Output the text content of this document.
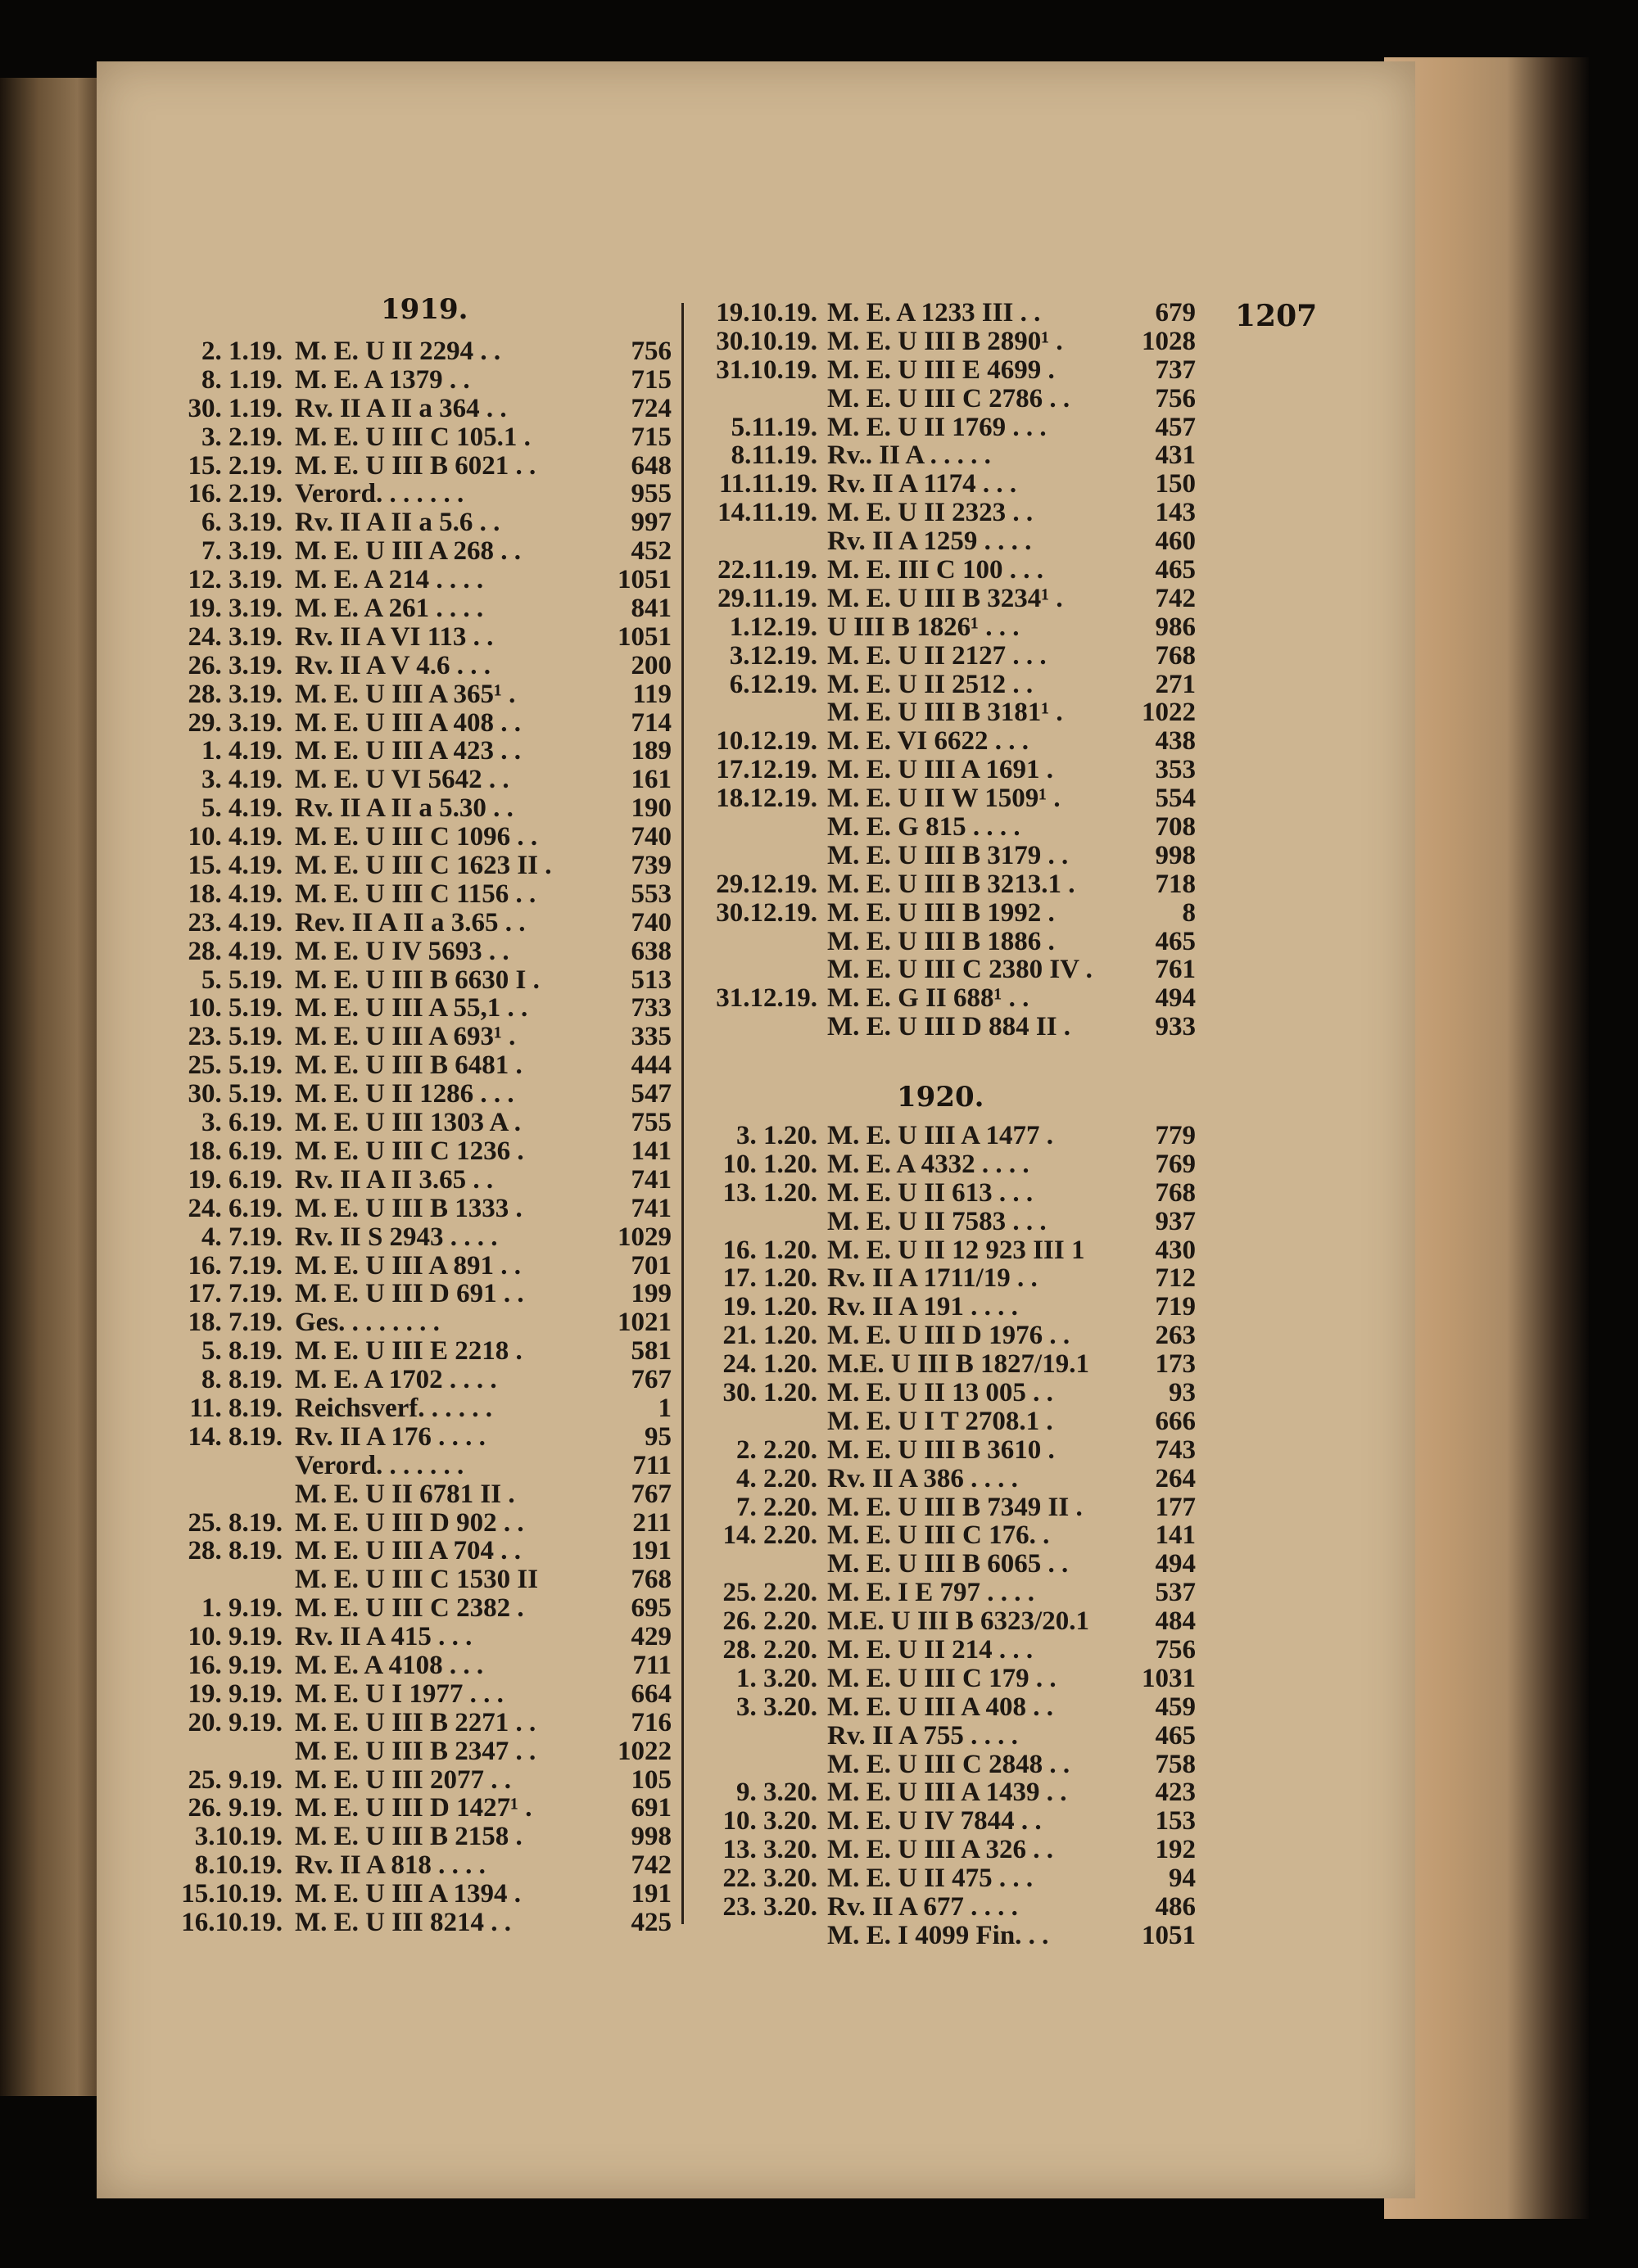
1207
1919.
1920.
2. 1.19. M. E. U II 2294 . .	756
8. 1.19. M. E. A 1379 . .	715
30. 1.19. Rv. II A II a 364 . .	724
3. 2.19. M. E. U III C 105.1 .	715
15. 2.19. M. E. U III B 6021 . .	648
16. 2.19. Verord. . . . . . .	955
6. 3.19. Rv. II A II a 5.6 . .	997
7. 3.19. M. E. U III A 268 . .	452
12. 3.19. M. E. A 214 . . . .	1051
19. 3.19. M. E. A 261 . . . .	841
24. 3.19. Rv. II A VI 113 . .	1051
26. 3.19. Rv. II A V 4.6 . . .	200
28. 3.19. M. E. U III A 365¹ .	119
29. 3.19. M. E. U III A 408 . .	714
1. 4.19. M. E. U III A 423 . .	189
3. 4.19. M. E. U VI 5642 . .	161
5. 4.19. Rv. II A II a 5.30 . .	190
10. 4.19. M. E. U III C 1096 . .	740
15. 4.19. M. E. U III C 1623 II .	739
18. 4.19. M. E. U III C 1156 . .	553
23. 4.19. Rev. II A II a 3.65 . .	740
28. 4.19. M. E. U IV 5693 . .	638
5. 5.19. M. E. U III B 6630 I .	513
10. 5.19. M. E. U III A 55,1 . .	733
23. 5.19. M. E. U III A 693¹ .	335
25. 5.19. M. E. U III B 6481 .	444
30. 5.19. M. E. U II 1286 . . .	547
3. 6.19. M. E. U III 1303 A .	755
18. 6.19. M. E. U III C 1236 .	141
19. 6.19. Rv. II A II 3.65 . .	741
24. 6.19. M. E. U III B 1333 .	741
4. 7.19. Rv. II S 2943 . . . .	1029
16. 7.19. M. E. U III A 891 . .	701
17. 7.19. M. E. U III D 691 . .	199
18. 7.19. Ges. . . . . . . .	1021
5. 8.19. M. E. U III E 2218 .	581
8. 8.19. M. E. A 1702 . . . .	767
11. 8.19. Reichsverf. . . . . .	1
14. 8.19. Rv. II A 176 . . . .	95
Verord. . . . . . .	711
M. E. U II 6781 II .	767
25. 8.19. M. E. U III D 902 . .	211
28. 8.19. M. E. U III A 704 . .	191
M. E. U III C 1530 II	768
1. 9.19. M. E. U III C 2382 .	695
10. 9.19. Rv. II A 415 . . .	429
16. 9.19. M. E. A 4108 . . .	711
19. 9.19. M. E. U I 1977 . . .	664
20. 9.19. M. E. U III B 2271 . .	716
M. E. U III B 2347 . .	1022
25. 9.19. M. E. U III 2077 . .	105
26. 9.19. M. E. U III D 1427¹ .	691
3.10.19. M. E. U III B 2158 .	998
8.10.19. Rv. II A 818 . . . .	742
15.10.19. M. E. U III A 1394 .	191
16.10.19. M. E. U III 8214 . .	425
19.10.19. M. E. A 1233 III . .	679
30.10.19. M. E. U III B 2890¹ .	1028
31.10.19. M. E. U III E 4699 .	737
M. E. U III C 2786 . .	756
5.11.19. M. E. U II 1769 . . .	457
8.11.19. Rv.. II A . . . . .	431
11.11.19. Rv. II A 1174 . . .	150
14.11.19. M. E. U II 2323 . .	143
Rv. II A 1259 . . . .	460
22.11.19. M. E. III C 100 . . .	465
29.11.19. M. E. U III B 3234¹ .	742
1.12.19. U III B 1826¹ . . .	986
3.12.19. M. E. U II 2127 . . .	768
6.12.19. M. E. U II 2512 . .	271
M. E. U III B 3181¹ .	1022
10.12.19. M. E. VI 6622 . . .	438
17.12.19. M. E. U III A 1691 .	353
18.12.19. M. E. U II W 1509¹ .	554
M. E. G 815 . . . .	708
M. E. U III B 3179 . .	998
29.12.19. M. E. U III B 3213.1 .	718
30.12.19. M. E. U III B 1992 .	8
M. E. U III B 1886 .	465
M. E. U III C 2380 IV . 761
31.12.19. M. E. G II 688¹ . .	494
M. E. U III D 884 II .	933
3. 1.20. M. E. U III A 1477 .	779
10. 1.20. M. E. A 4332 . . . .	769
13. 1.20. M. E. U II 613 . . .	768
M. E. U II 7583 . . .	937
16. 1.20. M. E. U II 12 923 III 1	430
17. 1.20. Rv. II A 1711/19 . .	712
19. 1.20. Rv. II A 191 . . . .	719
21. 1.20. M. E. U III D 1976 . .	263
24. 1.20. M.E. U III B 1827/19.1 173
30. 1.20. M. E. U II 13 005 . .	93
M. E. U I T 2708.1 .	666
2. 2.20. M. E. U III B 3610 .	743
4. 2.20. Rv. II A 386 . . . .	264
7. 2.20. M. E. U III B 7349 II .	177
14. 2.20. M. E. U III C 176. .	141
M. E. U III B 6065 . .	494
25. 2.20. M. E. I E 797 . . . .	537
26. 2.20. M.E. U III B 6323/20.1 484
28. 2.20. M. E. U II 214 . . .	756
1. 3.20. M. E. U III C 179 . .	1031
3. 3.20. M. E. U III A 408 . .	459
Rv. II A 755 . . . .	465
M. E. U III C 2848 . .	758
9. 3.20. M. E. U III A 1439 . .	423
10. 3.20. M. E. U IV 7844 . .	153
13. 3.20. M. E. U III A 326 . .	192
22. 3.20. M. E. U II 475 . . .	94
23. 3.20. Rv. II A 677 . . . .	486
M. E. I 4099 Fin. . .	1051
